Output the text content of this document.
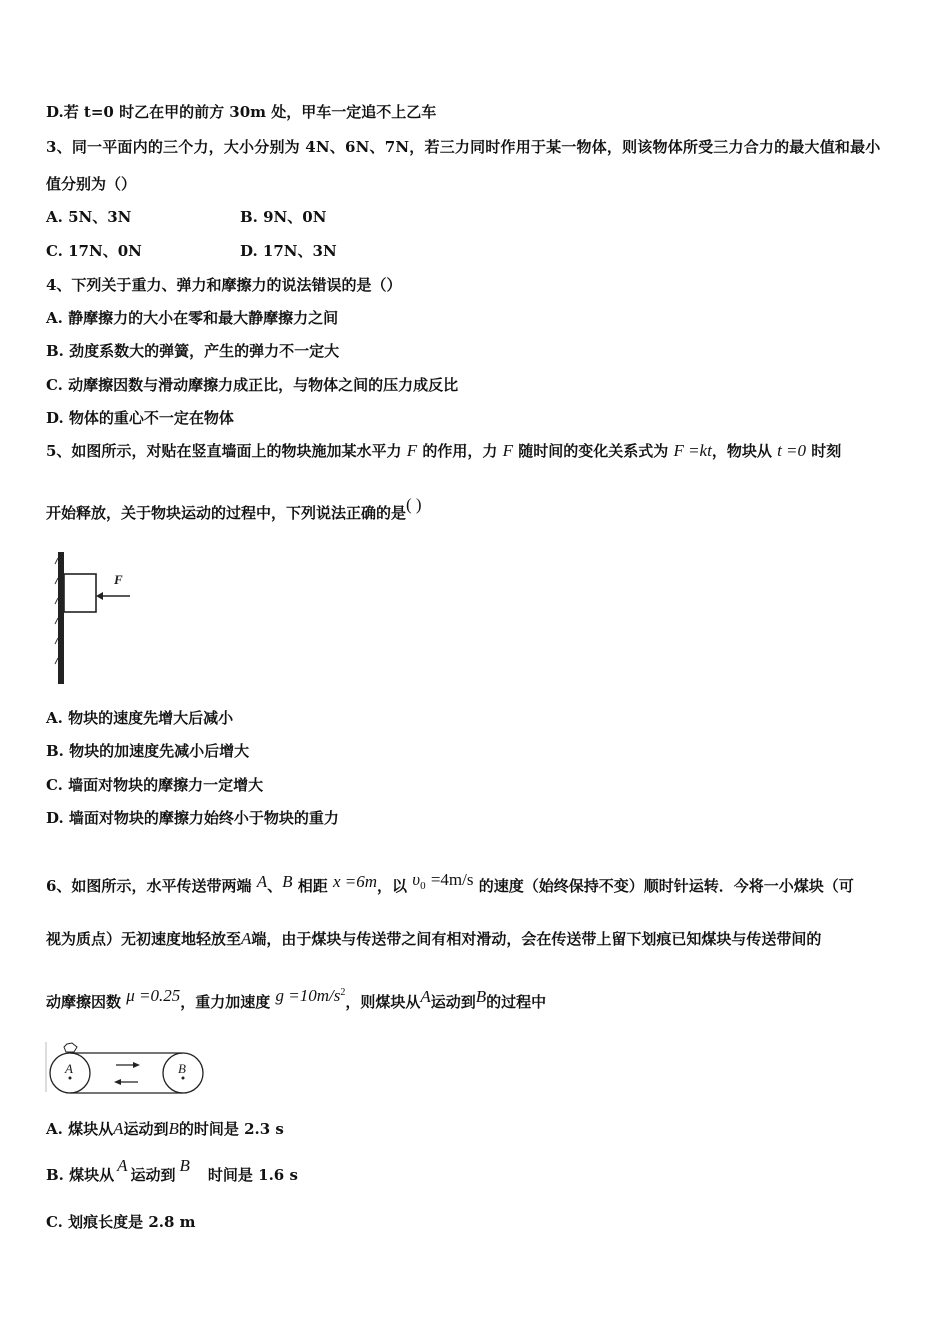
D.若 t=0 时乙在甲的前方 30m 处，甲车一定追不上乙车
3、同一平面内的三个力，大小分别为 4N、6N、7N，若三力同时作用于某一物体，则该物体所受三力合力的最大值和最小
值分别为（）
A. 5N、3N	B. 9N、0N
C. 17N、0N	D. 17N、3N
4、下列关于重力、弹力和摩擦力的说法错误的是（）
A. 静摩擦力的大小在零和最大静摩擦力之间
B. 劲度系数大的弹簧，产生的弹力不一定大
C. 动摩擦因数与滑动摩擦力成正比，与物体之间的压力成反比
D. 物体的重心不一定在物体
5、如图所示，对贴在竖直墙面上的物块施加某水平力 F 的作用，力 F 随时间的变化关系式为 F =kt，物块从 t =0 时刻
开始释放，关于物块运动的过程中，下列说法正确的是( )
F
A. 物块的速度先增大后减小
B. 物块的加速度先减小后增大
C. 墙面对物块的摩擦力一定增大
D. 墙面对物块的摩擦力始终小于物块的重力
6、如图所示，水平传送带两端 A、B 相距 x =6m，以 $\upsilon_0 =4m/s$ 的速度（始终保持不变）顺时针运转．今将一小煤块（可
视为质点）无初速度地轻放至A端，由于煤块与传送带之间有相对滑动，会在传送带上留下划痕已知煤块与传送带间的
动摩擦因数 μ =0.25，重力加速度 $g =10m/s^2$，则煤块从A运动到B的过程中
A	B
A. 煤块从A运动到B的时间是 2.3 s
B. 煤块从 A 运动到 B 时间是 1.6 s
C. 划痕长度是 2.8 m
